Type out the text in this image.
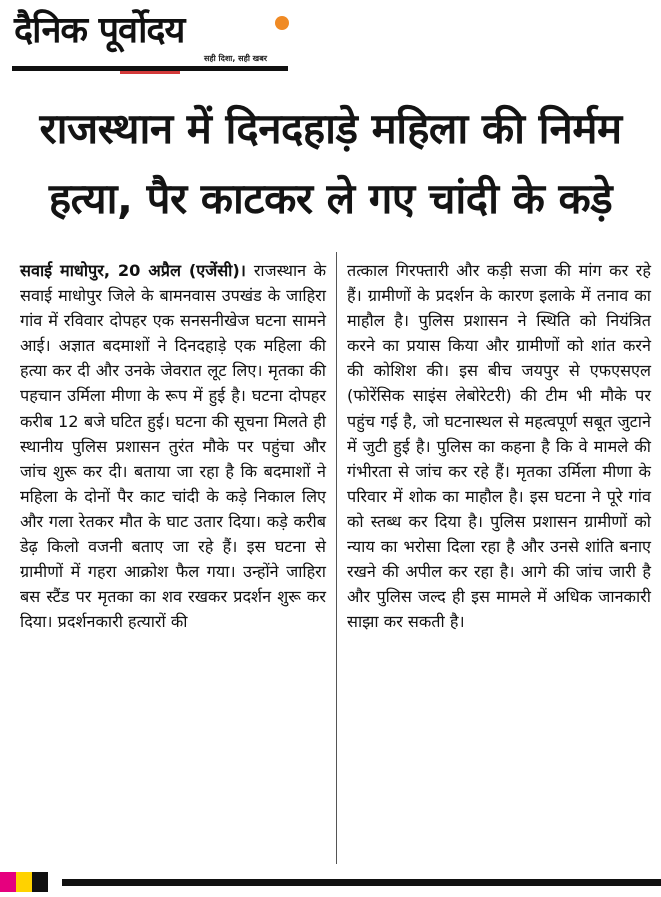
दैनिक पूर्वोदय
सही दिशा, सही खबर
राजस्थान में दिनदहाड़े महिला की निर्मम
हत्या, पैर काटकर ले गए चांदी के कड़े
सवाई माधोपुर, 20 अप्रैल (एजेंसी)। राजस्थान के सवाई माधोपुर जिले के बामनवास उपखंड के जाहिरा गांव में रविवार दोपहर एक सनसनीखेज घटना सामने आई। अज्ञात बदमाशों ने दिनदहाड़े एक महिला की हत्या कर दी और उनके जेवरात लूट लिए। मृतका की पहचान उर्मिला मीणा के रूप में हुई है। घटना दोपहर करीब 12 बजे घटित हुई। घटना की सूचना मिलते ही स्थानीय पुलिस प्रशासन तुरंत मौके पर पहुंचा और जांच शुरू कर दी। बताया जा रहा है कि बदमाशों ने महिला के दोनों पैर काट चांदी के कड़े निकाल लिए और गला रेतकर मौत के घाट उतार दिया। कड़े करीब डेढ़ किलो वजनी बताए जा रहे हैं। इस घटना से ग्रामीणों में गहरा आक्रोश फैल गया। उन्होंने जाहिरा बस स्टैंड पर मृतका का शव रखकर प्रदर्शन शुरू कर दिया। प्रदर्शनकारी हत्यारों की
तत्काल गिरफ्तारी और कड़ी सजा की मांग कर रहे हैं। ग्रामीणों के प्रदर्शन के कारण इलाके में तनाव का माहौल है। पुलिस प्रशासन ने स्थिति को नियंत्रित करने का प्रयास किया और ग्रामीणों को शांत करने की कोशिश की। इस बीच जयपुर से एफएसएल (फोरेंसिक साइंस लेबोरेटरी) की टीम भी मौके पर पहुंच गई है, जो घटनास्थल से महत्वपूर्ण सबूत जुटाने में जुटी हुई है। पुलिस का कहना है कि वे मामले की गंभीरता से जांच कर रहे हैं। मृतका उर्मिला मीणा के परिवार में शोक का माहौल है। इस घटना ने पूरे गांव को स्तब्ध कर दिया है। पुलिस प्रशासन ग्रामीणों को न्याय का भरोसा दिला रहा है और उनसे शांति बनाए रखने की अपील कर रहा है। आगे की जांच जारी है और पुलिस जल्द ही इस मामले में अधिक जानकारी साझा कर सकती है।
